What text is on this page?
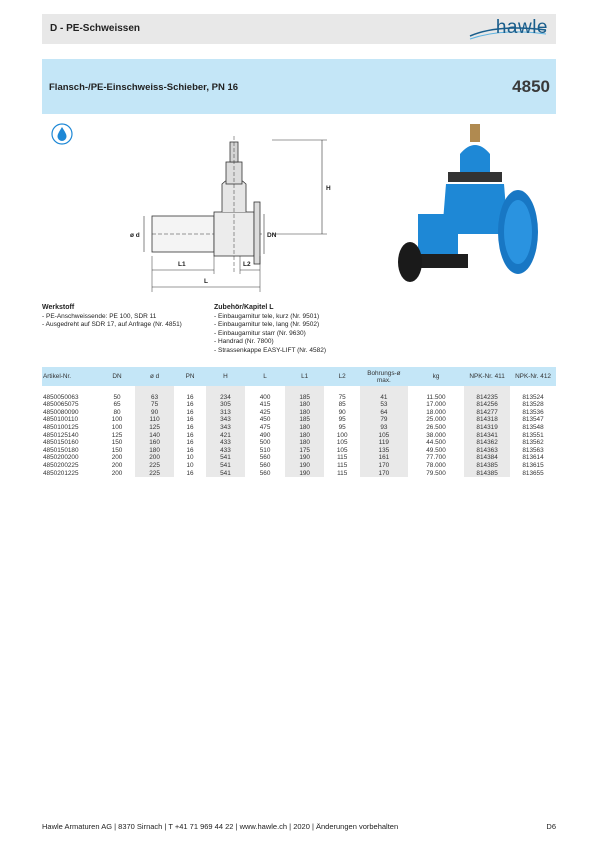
D - PE-Schweissen	hawle
Flansch-/PE-Einschweiss-Schieber, PN 16	4850
H
DN
ø d
L1	L2
L
Werkstoff
- PE-Anschweissende: PE 100, SDR 11
- Ausgedreht auf SDR 17, auf Anfrage (Nr. 4851)
Zubehör/Kapitel L
- Einbaugarnitur tele, kurz (Nr. 9501)
- Einbaugarnitur tele, lang (Nr. 9502)
- Einbaugarnitur starr (Nr. 9630)
- Handrad (Nr. 7800)
- Strassenkappe EASY-LIFT (Nr. 4582)
Artikel-Nr.	DN	ø d	PN	H	L	L1	L2	Bohrungs-ø max.	kg	NPK-Nr. 411	NPK-Nr. 412

4850050063	50	63	16	234	400	185	75	41	11.500	814235	813524
4850065075	65	75	16	305	415	180	85	53	17.000	814256	813528
4850080090	80	90	16	313	425	180	90	64	18.000	814277	813536
4850100110	100	110	16	343	450	185	95	79	25.000	814318	813547
4850100125	100	125	16	343	475	180	95	93	26.500	814319	813548
4850125140	125	140	16	421	490	180	100	105	38.000	814341	813551
4850150160	150	160	16	433	500	180	105	119	44.500	814362	813562
4850150180	150	180	16	433	510	175	105	135	49.500	814363	813563
4850200200	200	200	10	541	560	190	115	161	77.700	814384	813614
4850200225	200	225	10	541	560	190	115	170	78.000	814385	813615
4850201225	200	225	16	541	560	190	115	170	79.500	814385	813655
Hawle Armaturen AG | 8370 Sirnach | T +41 71 969 44 22 | www.hawle.ch | 2020 | Änderungen vorbehalten	D6
